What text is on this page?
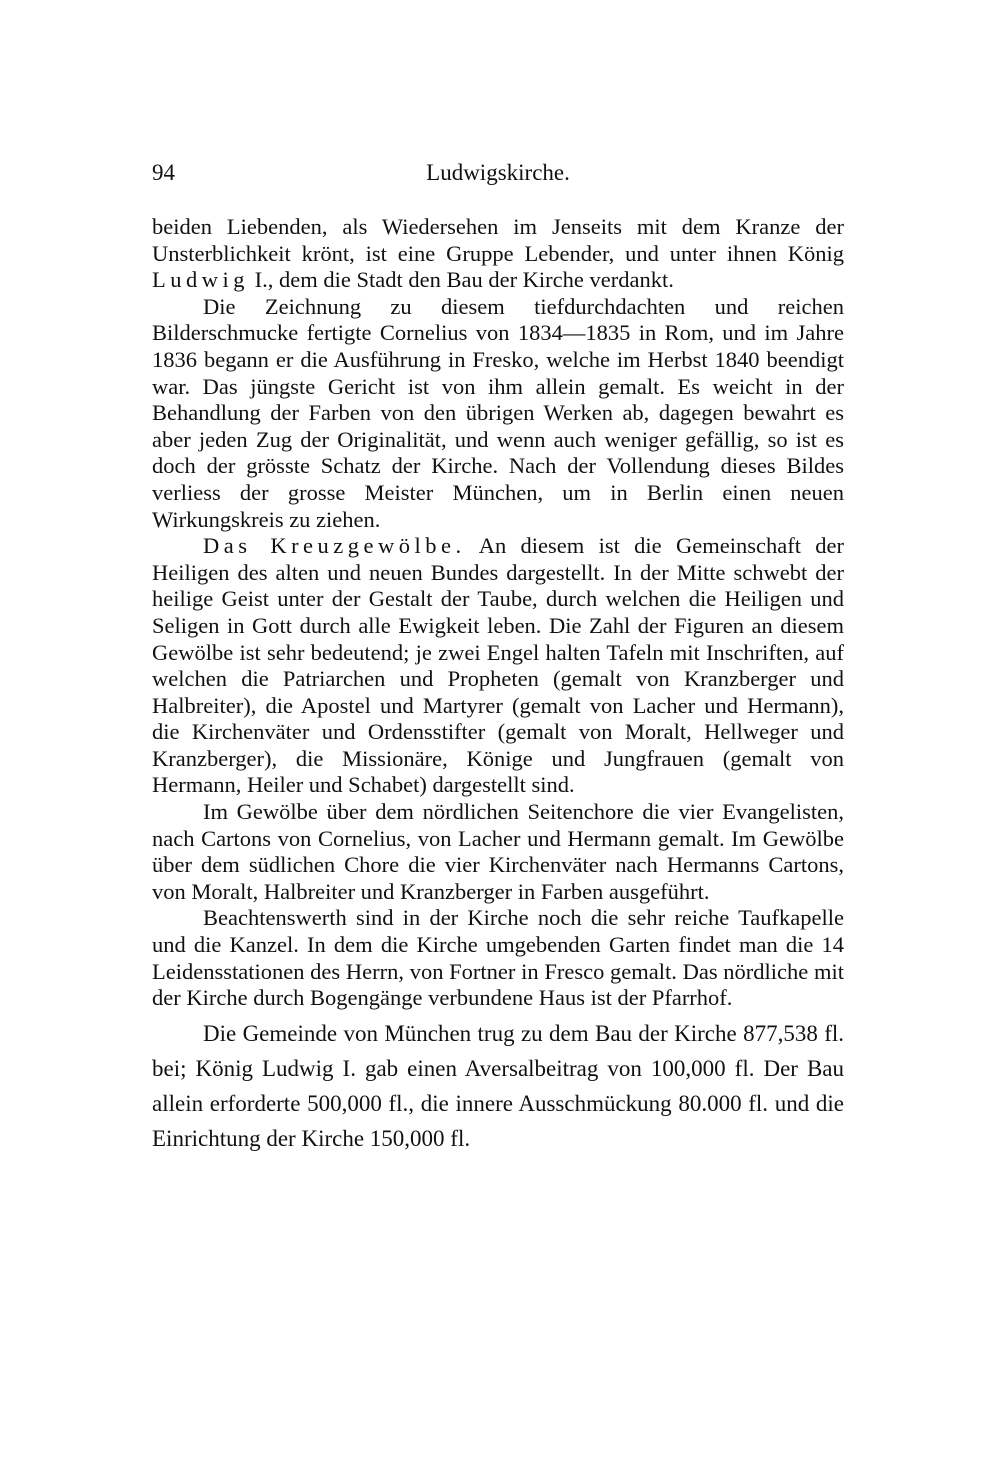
94	Ludwigskirche.

beiden Liebenden, als Wiedersehen im Jenseits mit dem Kranze der Unsterblichkeit krönt, ist eine Gruppe Lebender, und unter ihnen König Ludwig I., dem die Stadt den Bau der Kirche verdankt.

Die Zeichnung zu diesem tiefdurchdachten und reichen Bilderschmucke fertigte Cornelius von 1834—1835 in Rom, und im Jahre 1836 begann er die Ausführung in Fresko, welche im Herbst 1840 beendigt war. Das jüngste Gericht ist von ihm allein gemalt. Es weicht in der Behandlung der Farben von den übrigen Werken ab, dagegen bewahrt es aber jeden Zug der Originalität, und wenn auch weniger gefällig, so ist es doch der grösste Schatz der Kirche. Nach der Vollendung dieses Bildes verliess der grosse Meister München, um in Berlin einen neuen Wirkungskreis zu ziehen.

Das Kreuzgewölbe. An diesem ist die Gemeinschaft der Heiligen des alten und neuen Bundes dargestellt. In der Mitte schwebt der heilige Geist unter der Gestalt der Taube, durch welchen die Heiligen und Seligen in Gott durch alle Ewigkeit leben. Die Zahl der Figuren an diesem Gewölbe ist sehr bedeutend; je zwei Engel halten Tafeln mit Inschriften, auf welchen die Patriarchen und Propheten (gemalt von Kranzberger und Halbreiter), die Apostel und Martyrer (gemalt von Lacher und Hermann), die Kirchenväter und Ordensstifter (gemalt von Moralt, Hellweger und Kranzberger), die Missionäre, Könige und Jungfrauen (gemalt von Hermann, Heiler und Schabet) dargestellt sind.

Im Gewölbe über dem nördlichen Seitenchore die vier Evangelisten, nach Cartons von Cornelius, von Lacher und Hermann gemalt. Im Gewölbe über dem südlichen Chore die vier Kirchenväter nach Hermanns Cartons, von Moralt, Halbreiter und Kranzberger in Farben ausgeführt.

Beachtenswerth sind in der Kirche noch die sehr reiche Taufkapelle und die Kanzel. In dem die Kirche umgebenden Garten findet man die 14 Leidensstationen des Herrn, von Fortner in Fresco gemalt. Das nördliche mit der Kirche durch Bogengänge verbundene Haus ist der Pfarrhof.

Die Gemeinde von München trug zu dem Bau der Kirche 877,538 fl. bei; König Ludwig I. gab einen Aversalbeitrag von 100,000 fl. Der Bau allein erforderte 500,000 fl., die innere Ausschmückung 80.000 fl. und die Einrichtung der Kirche 150,000 fl.
